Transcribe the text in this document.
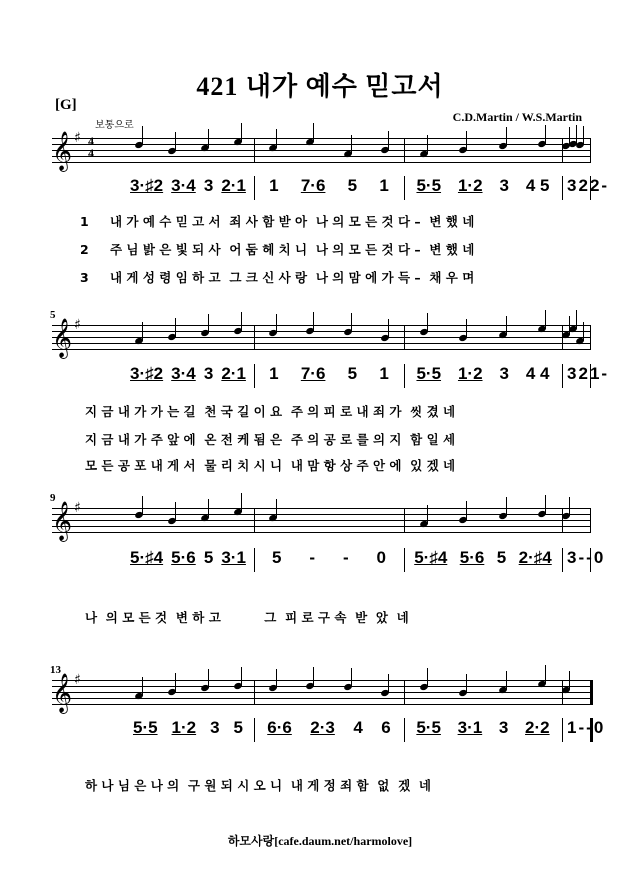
421 내가 예수 믿고서
[G]
보통으로
C.D.Martin / W.S.Martin
𝄞 ♯ 4
4
3·♯2 3·4 3 2·1 1 7·6 5 1 5·5 1·2 3 4 5 3 2 2 -
1 내 가 예 수 믿 고 서  죄 사 함 받 아  나 의 모 든 것 다 –  변 했 네
2 주 님 밝 은 빛 되 사  어 둠 헤 치 니  나 의 모 든 것 다 –  변 했 네
3 내 게 성 령 임 하 고  그 크 신 사 랑  나 의 맘 에 가 득 –  채 우 며
𝄞 ♯
5
3·♯2 3·4 3 2·1 1 7·6 5 1 5·5 1·2 3 4 4 3 2 1 -
지 금 내 가 가 는 길  천 국 길 이 요  주 의 피 로 내 죄 가  씻 겼 네
지 금 내 가 주 앞 에  온 전 케 됨 은  주 의 공 로 를 의 지  함 일 세
모 든 공 포 내 게 서  물 리 치 시 니  내 맘 항 상 주 안 에  있 겠 네
𝄞 ♯
9
5·♯4 5·6 5 3·1 5 - - 0 5·♯4 5·6 5 2·♯4 3 - - 0
나  의 모 든 것  변 하 고          그  피 로 구 속  받  았  네
𝄞 ♯
13
5·5 1·2 3 5 6·6 2·3 4 6 5·5 3·1 3 2·2 1 - - 0
하 나 님 은 나 의  구 원 되 시 오 니  내 게 정 죄 함  없  겠  네
하모사랑[cafe.daum.net/harmolove]
